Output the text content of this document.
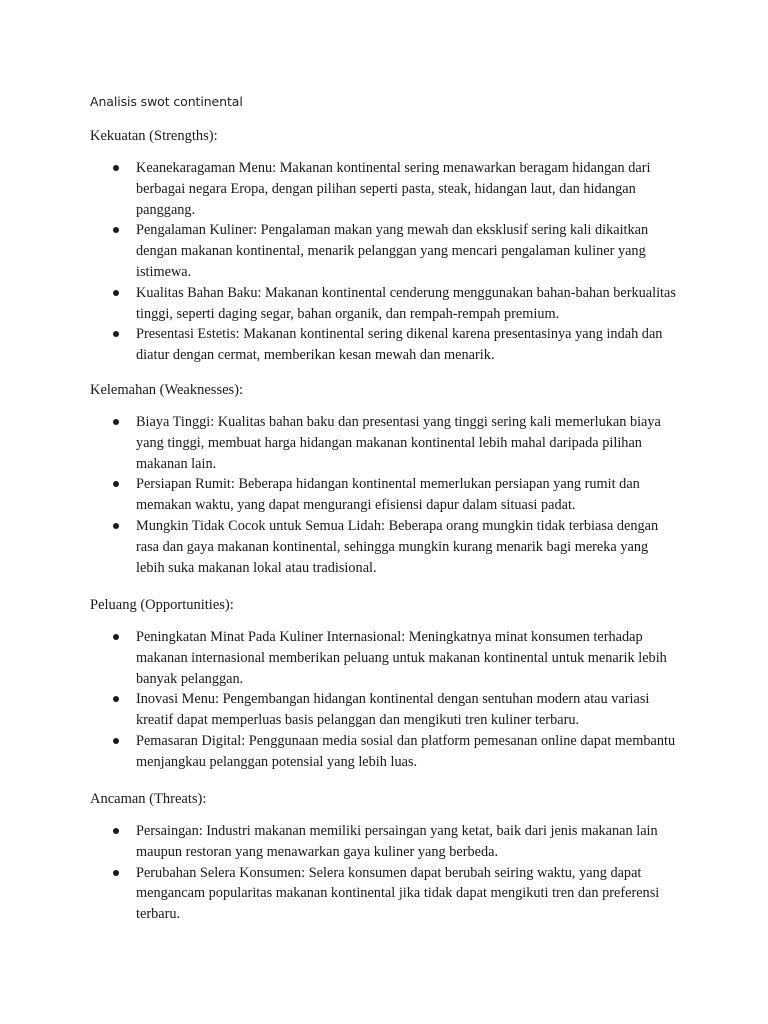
Analisis swot continental
Kekuatan (Strengths):
Keanekaragaman Menu: Makanan kontinental sering menawarkan beragam hidangan dari berbagai negara Eropa, dengan pilihan seperti pasta, steak, hidangan laut, dan hidangan panggang.
Pengalaman Kuliner: Pengalaman makan yang mewah dan eksklusif sering kali dikaitkan dengan makanan kontinental, menarik pelanggan yang mencari pengalaman kuliner yang istimewa.
Kualitas Bahan Baku: Makanan kontinental cenderung menggunakan bahan-bahan berkualitas tinggi, seperti daging segar, bahan organik, dan rempah-rempah premium.
Presentasi Estetis: Makanan kontinental sering dikenal karena presentasinya yang indah dan diatur dengan cermat, memberikan kesan mewah dan menarik.
Kelemahan (Weaknesses):
Biaya Tinggi: Kualitas bahan baku dan presentasi yang tinggi sering kali memerlukan biaya yang tinggi, membuat harga hidangan makanan kontinental lebih mahal daripada pilihan makanan lain.
Persiapan Rumit: Beberapa hidangan kontinental memerlukan persiapan yang rumit dan memakan waktu, yang dapat mengurangi efisiensi dapur dalam situasi padat.
Mungkin Tidak Cocok untuk Semua Lidah: Beberapa orang mungkin tidak terbiasa dengan rasa dan gaya makanan kontinental, sehingga mungkin kurang menarik bagi mereka yang lebih suka makanan lokal atau tradisional.
Peluang (Opportunities):
Peningkatan Minat Pada Kuliner Internasional: Meningkatnya minat konsumen terhadap makanan internasional memberikan peluang untuk makanan kontinental untuk menarik lebih banyak pelanggan.
Inovasi Menu: Pengembangan hidangan kontinental dengan sentuhan modern atau variasi kreatif dapat memperluas basis pelanggan dan mengikuti tren kuliner terbaru.
Pemasaran Digital: Penggunaan media sosial dan platform pemesanan online dapat membantu menjangkau pelanggan potensial yang lebih luas.
Ancaman (Threats):
Persaingan: Industri makanan memiliki persaingan yang ketat, baik dari jenis makanan lain maupun restoran yang menawarkan gaya kuliner yang berbeda.
Perubahan Selera Konsumen: Selera konsumen dapat berubah seiring waktu, yang dapat mengancam popularitas makanan kontinental jika tidak dapat mengikuti tren dan preferensi terbaru.
